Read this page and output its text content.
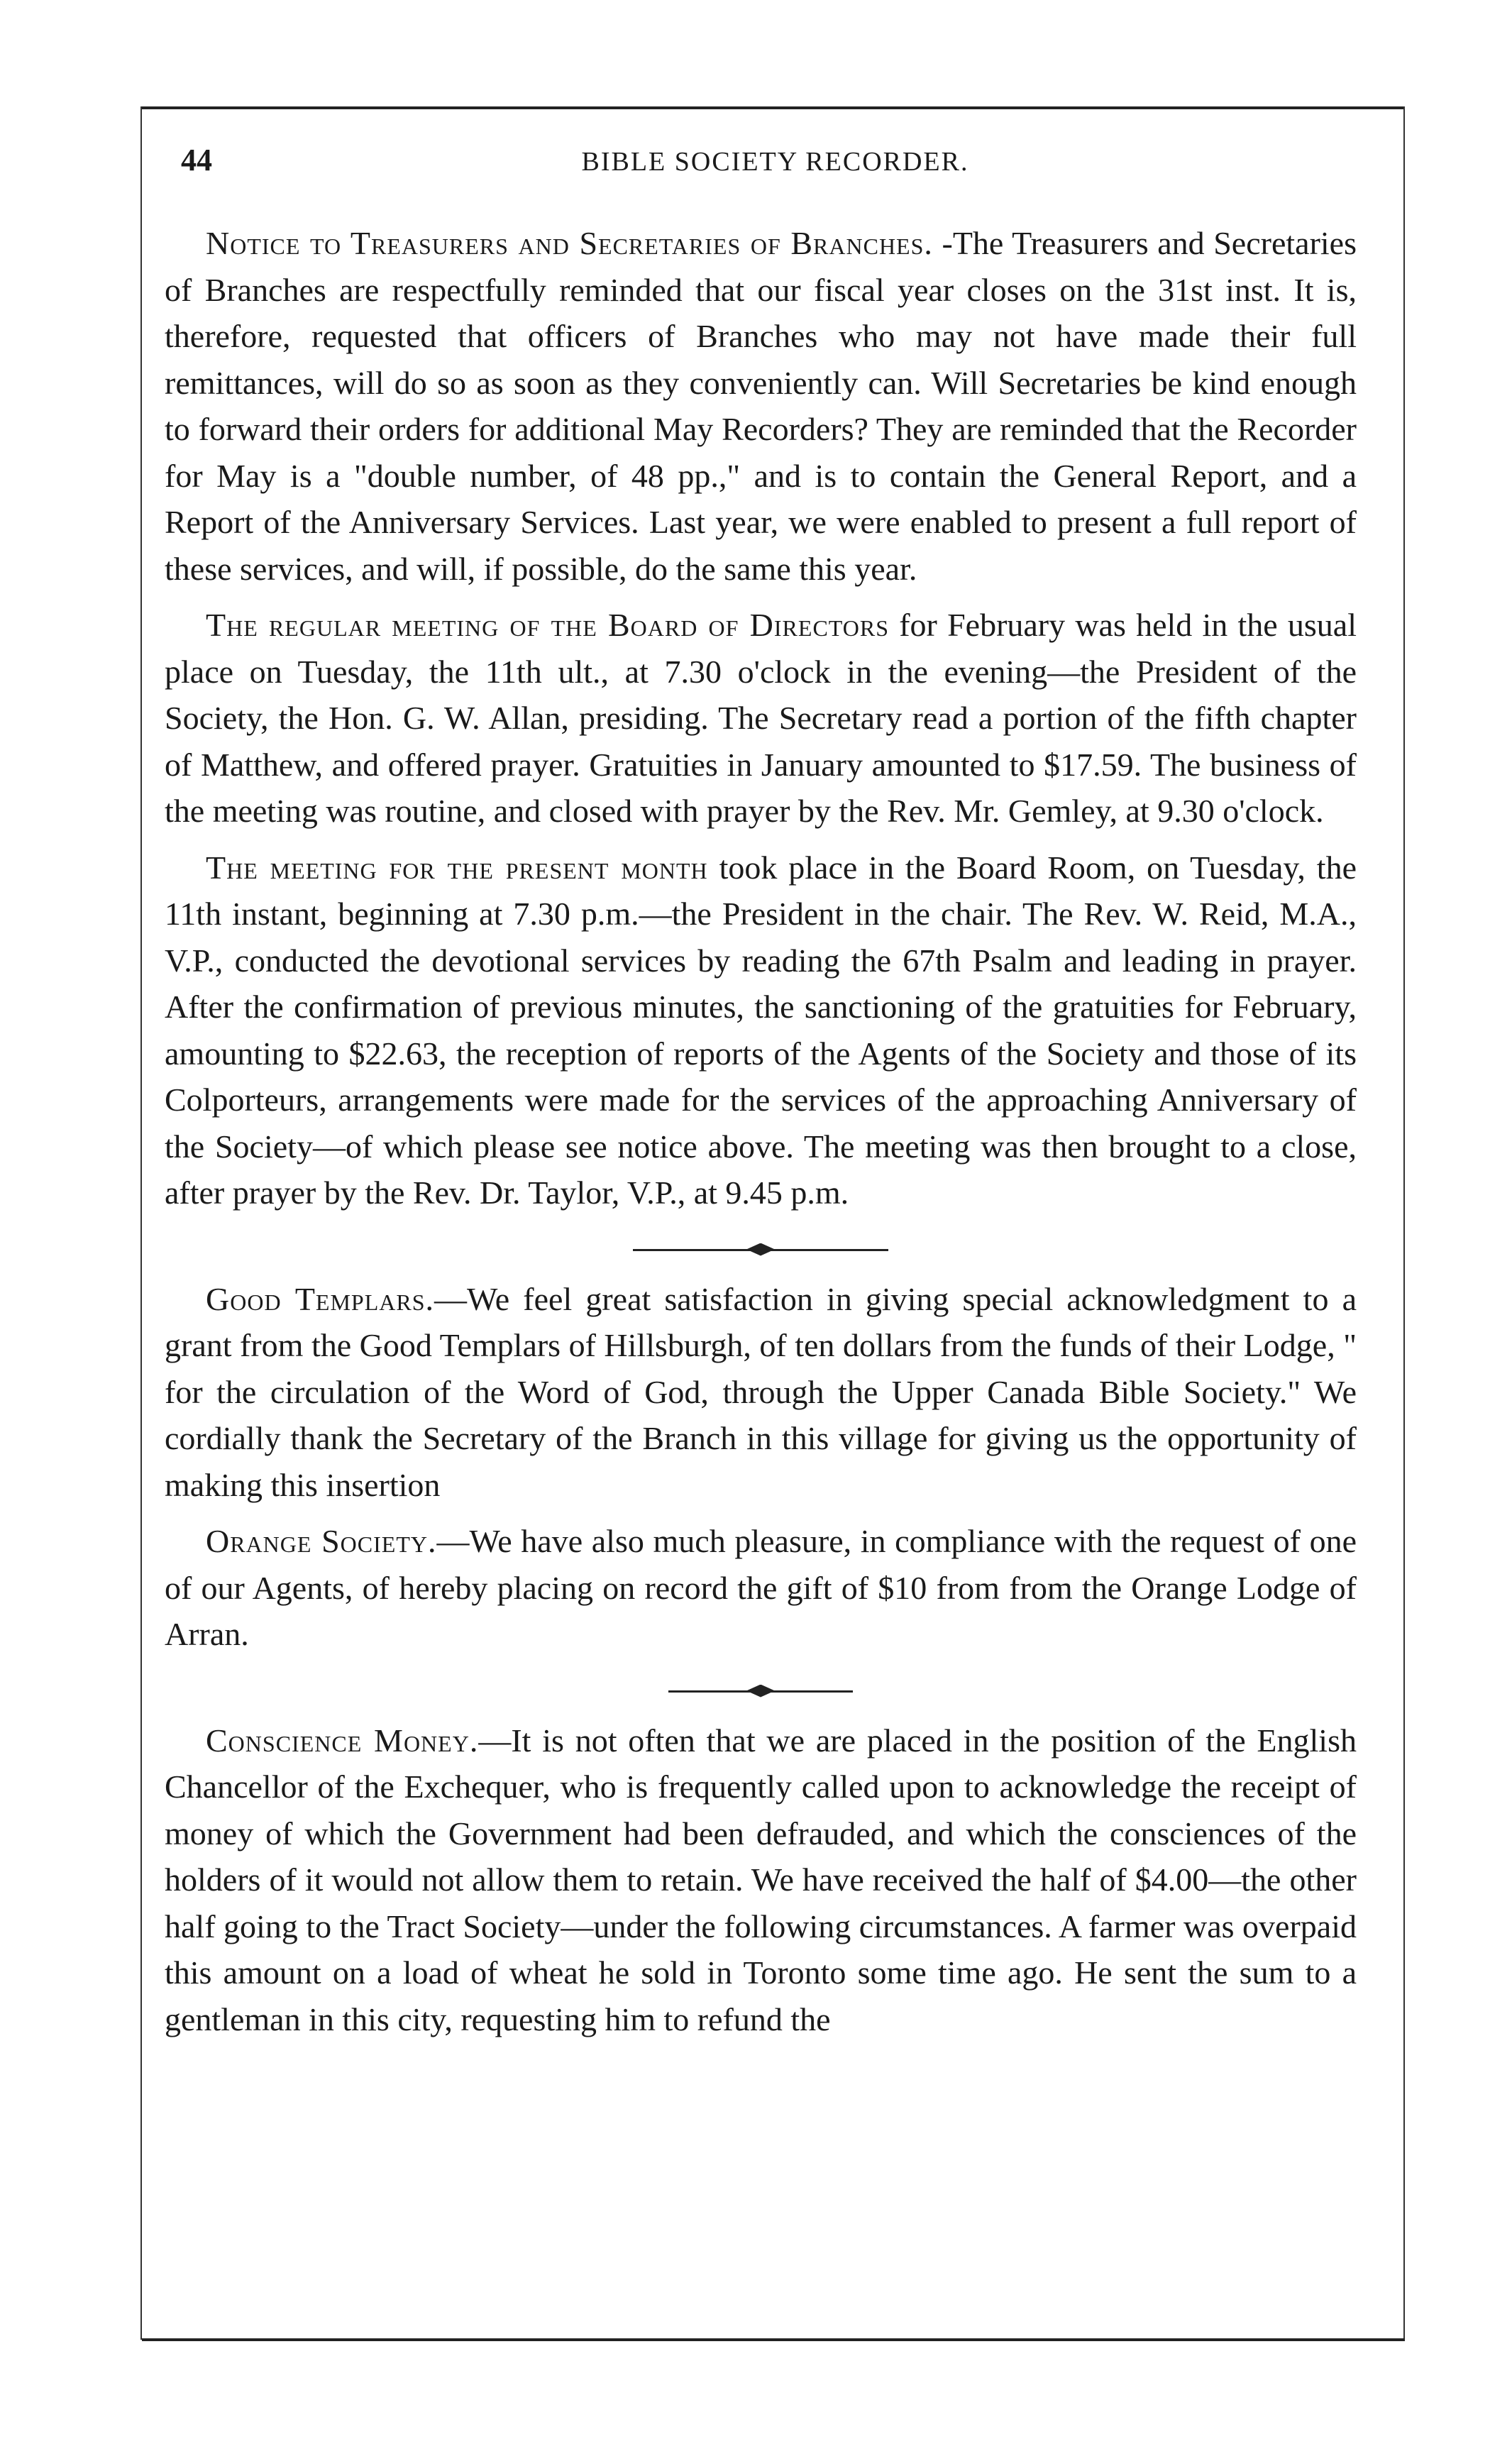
44	BIBLE SOCIETY RECORDER.

Notice to Treasurers and Secretaries of Branches. -The Treasurers and Secretaries of Branches are respectfully reminded that our fiscal year closes on the 31st inst. It is, therefore, requested that officers of Branches who may not have made their full remittances, will do so as soon as they conveniently can. Will Secretaries be kind enough to forward their orders for additional May Recorders? They are reminded that the Recorder for May is a "double number, of 48 pp.," and is to contain the General Report, and a Report of the Anniversary Services. Last year, we were enabled to present a full report of these services, and will, if possible, do the same this year.

The regular meeting of the Board of Directors for February was held in the usual place on Tuesday, the 11th ult., at 7.30 o'clock in the evening—the President of the Society, the Hon. G. W. Allan, presiding. The Secretary read a portion of the fifth chapter of Matthew, and offered prayer. Gratuities in January amounted to $17.59. The business of the meeting was routine, and closed with prayer by the Rev. Mr. Gemley, at 9.30 o'clock.

The meeting for the present month took place in the Board Room, on Tuesday, the 11th instant, beginning at 7.30 p.m.—the President in the chair. The Rev. W. Reid, M.A., V.P., conducted the devotional services by reading the 67th Psalm and leading in prayer. After the confirmation of previous minutes, the sanctioning of the gratuities for February, amounting to $22.63, the reception of reports of the Agents of the Society and those of its Colporteurs, arrangements were made for the services of the approaching Anniversary of the Society—of which please see notice above. The meeting was then brought to a close, after prayer by the Rev. Dr. Taylor, V.P., at 9.45 p.m.

Good Templars.—We feel great satisfaction in giving special acknowledgment to a grant from the Good Templars of Hillsburgh, of ten dollars from the funds of their Lodge, " for the circulation of the Word of God, through the Upper Canada Bible Society." We cordially thank the Secretary of the Branch in this village for giving us the opportunity of making this insertion

Orange Society.—We have also much pleasure, in compliance with the request of one of our Agents, of hereby placing on record the gift of $10 from from the Orange Lodge of Arran.

Conscience Money.—It is not often that we are placed in the position of the English Chancellor of the Exchequer, who is frequently called upon to acknowledge the receipt of money of which the Government had been defrauded, and which the consciences of the holders of it would not allow them to retain. We have received the half of $4.00—the other half going to the Tract Society—under the following circumstances. A farmer was overpaid this amount on a load of wheat he sold in Toronto some time ago. He sent the sum to a gentleman in this city, requesting him to refund the
